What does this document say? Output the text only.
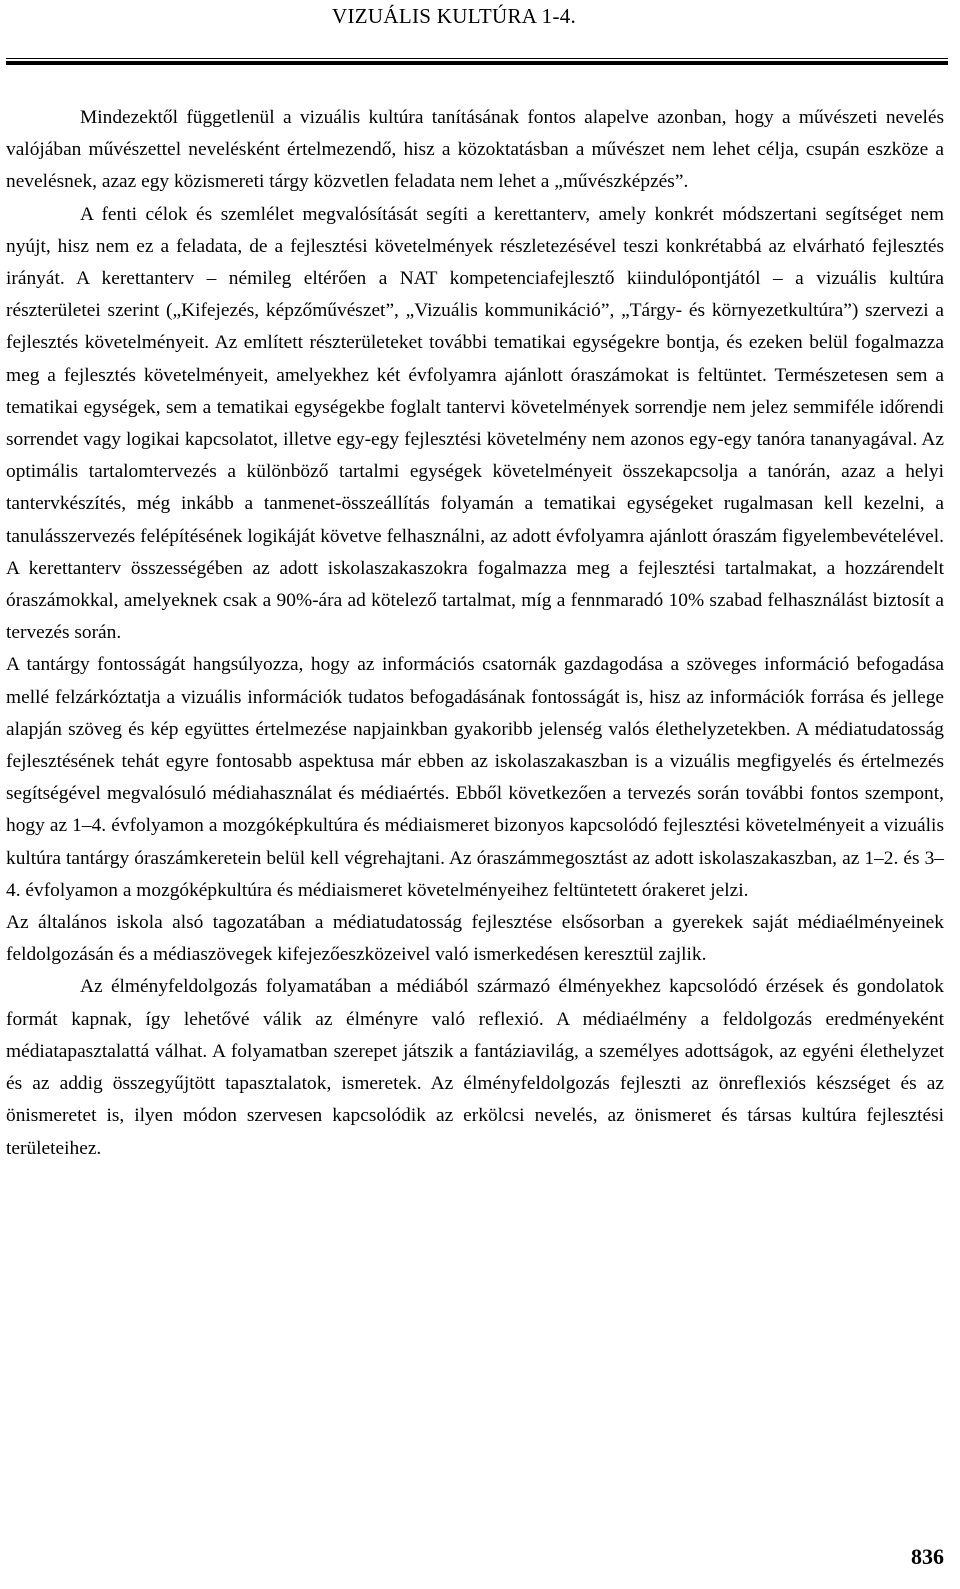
VIZUÁLIS KULTÚRA 1-4.

Mindezektől függetlenül a vizuális kultúra tanításának fontos alapelve azonban, hogy a művészeti nevelés valójában művészettel nevelésként értelmezendő, hisz a közoktatásban a művészet nem lehet célja, csupán eszköze a nevelésnek, azaz egy közismereti tárgy közvetlen feladata nem lehet a „művészképzés”.

A fenti célok és szemlélet megvalósítását segíti a kerettanterv, amely konkrét módszertani segítséget nem nyújt, hisz nem ez a feladata, de a fejlesztési követelmények részletezésével teszi konkrétabbá az elvárható fejlesztés irányát. A kerettanterv – némileg eltérően a NAT kompetenciafejlesztő kiindulópontjától – a vizuális kultúra részterületei szerint („Kifejezés, képzőművészet”, „Vizuális kommunikáció”, „Tárgy- és környezetkultúra”) szervezi a fejlesztés követelményeit. Az említett részterületeket további tematikai egységekre bontja, és ezeken belül fogalmazza meg a fejlesztés követelményeit, amelyekhez két évfolyamra ajánlott óraszámokat is feltüntet. Természetesen sem a tematikai egységek, sem a tematikai egységekbe foglalt tantervi követelmények sorrendje nem jelez semmiféle időrendi sorrendet vagy logikai kapcsolatot, illetve egy-egy fejlesztési követelmény nem azonos egy-egy tanóra tananyagával. Az optimális tartalomtervezés a különböző tartalmi egységek követelményeit összekapcsolja a tanórán, azaz a helyi tantervkészítés, még inkább a tanmenet-összeállítás folyamán a tematikai egységeket rugalmasan kell kezelni, a tanulásszervezés felépítésének logikáját követve felhasználni, az adott évfolyamra ajánlott óraszám figyelembevételével. A kerettanterv összességében az adott iskolaszakaszokra fogalmazza meg a fejlesztési tartalmakat, a hozzárendelt óraszámokkal, amelyeknek csak a 90%-ára ad kötelező tartalmat, míg a fennmaradó 10% szabad felhasználást biztosít a tervezés során.

A tantárgy fontosságát hangsúlyozza, hogy az információs csatornák gazdagodása a szöveges információ befogadása mellé felzárkóztatja a vizuális információk tudatos befogadásának fontosságát is, hisz az információk forrása és jellege alapján szöveg és kép együttes értelmezése napjainkban gyakoribb jelenség valós élethelyzetekben. A médiatudatosság fejlesztésének tehát egyre fontosabb aspektusa már ebben az iskolaszakaszban is a vizuális megfigyelés és értelmezés segítségével megvalósuló médiahasználat és médiaértés. Ebből következően a tervezés során további fontos szempont, hogy az 1–4. évfolyamon a mozgóképkultúra és médiaismeret bizonyos kapcsolódó fejlesztési követelményeit a vizuális kultúra tantárgy óraszámkeretein belül kell végrehajtani. Az óraszámmegosztást az adott iskolaszakaszban, az 1–2. és 3–4. évfolyamon a mozgóképkultúra és médiaismeret követelményeihez feltüntetett órakeret jelzi.

Az általános iskola alsó tagozatában a médiatudatosság fejlesztése elsősorban a gyerekek saját médiaélményeinek feldolgozásán és a médiaszövegek kifejezőeszközeivel való ismerkedésen keresztül zajlik.

Az élményfeldolgozás folyamatában a médiából származó élményekhez kapcsolódó érzések és gondolatok formát kapnak, így lehetővé válik az élményre való reflexió. A médiaélmény a feldolgozás eredményeként médiatapasztalattá válhat. A folyamatban szerepet játszik a fantáziavilág, a személyes adottságok, az egyéni élethelyzet és az addig összegyűjtött tapasztalatok, ismeretek. Az élményfeldolgozás fejleszti az önreflexiós készséget és az önismeretet is, ilyen módon szervesen kapcsolódik az erkölcsi nevelés, az önismeret és társas kultúra fejlesztési területeihez.

836
